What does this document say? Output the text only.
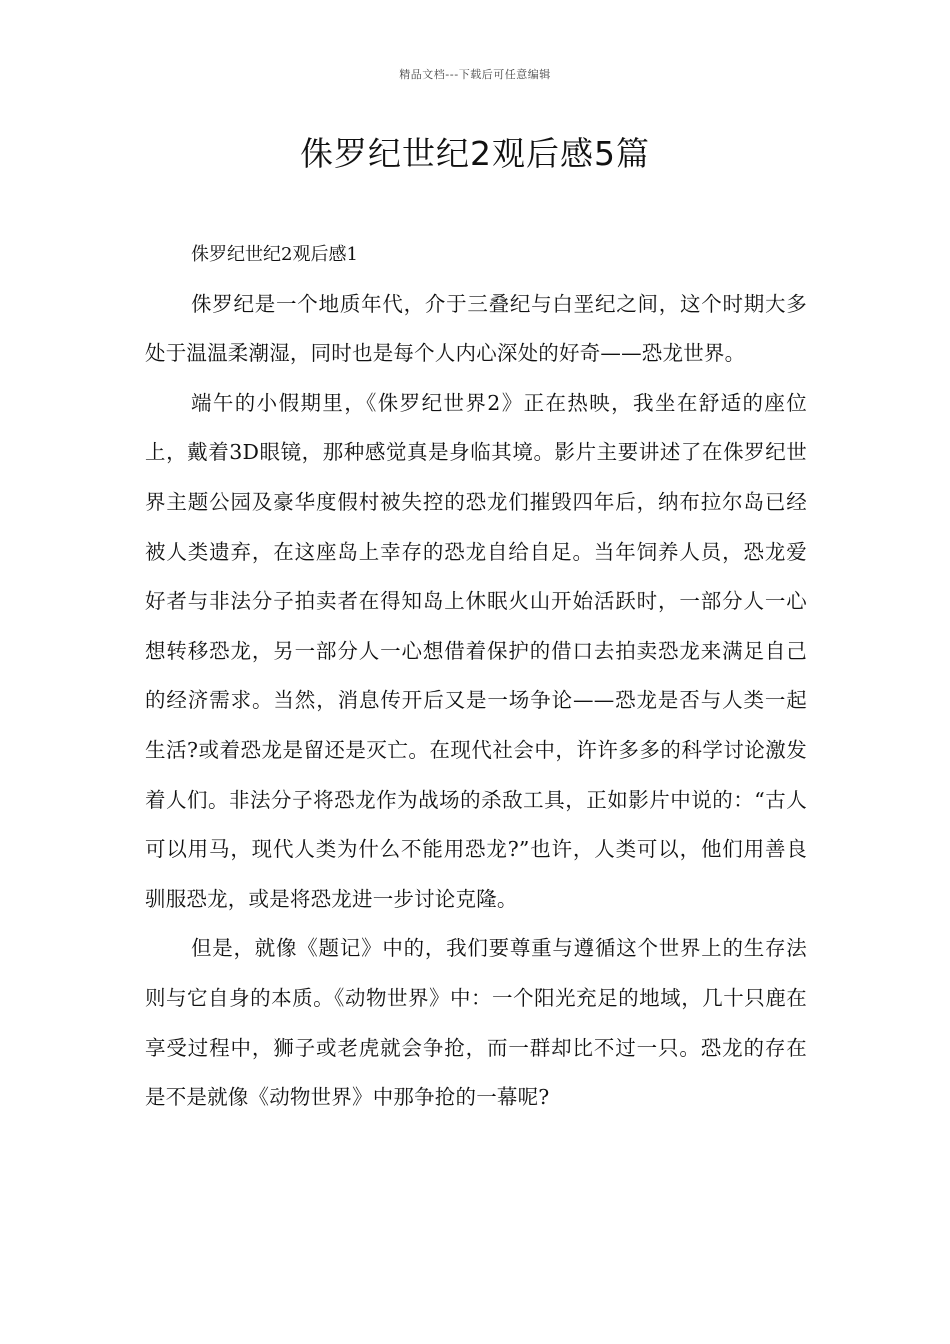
精品文档---下载后可任意编辑
侏罗纪世纪2观后感5篇

侏罗纪世纪2观后感1

侏罗纪是一个地质年代，介于三叠纪与白垩纪之间，这个时期大多处于温温柔潮湿，同时也是每个人内心深处的好奇——恐龙世界。

端午的小假期里，《侏罗纪世界2》正在热映，我坐在舒适的座位上，戴着3D眼镜，那种感觉真是身临其境。影片主要讲述了在侏罗纪世界主题公园及豪华度假村被失控的恐龙们摧毁四年后，纳布拉尔岛已经被人类遗弃，在这座岛上幸存的恐龙自给自足。当年饲养人员，恐龙爱好者与非法分子拍卖者在得知岛上休眠火山开始活跃时，一部分人一心想转移恐龙，另一部分人一心想借着保护的借口去拍卖恐龙来满足自己的经济需求。当然，消息传开后又是一场争论——恐龙是否与人类一起生活?或着恐龙是留还是灭亡。在现代社会中，许许多多的科学讨论激发着人们。非法分子将恐龙作为战场的杀敌工具，正如影片中说的：“古人可以用马，现代人类为什么不能用恐龙?”也许，人类可以，他们用善良驯服恐龙，或是将恐龙进一步讨论克隆。

但是，就像《题记》中的，我们要尊重与遵循这个世界上的生存法则与它自身的本质。《动物世界》中：一个阳光充足的地域，几十只鹿在享受过程中，狮子或老虎就会争抢，而一群却比不过一只。恐龙的存在是不是就像《动物世界》中那争抢的一幕呢?
